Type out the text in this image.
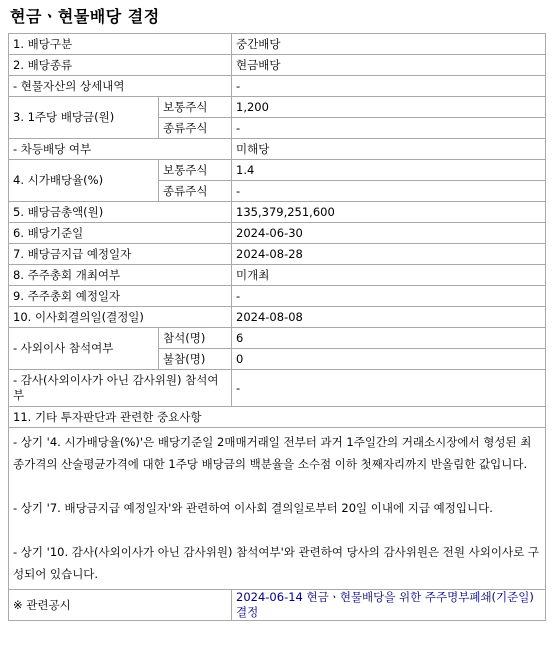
현금ㆍ현물배당 결정
1. 배당구분		중간배당
2. 배당종류		현금배당
- 현물자산의 상세내역		-
3. 1주당 배당금(원)	보통주식	1,200
	종류주식	-
- 차등배당 여부		미해당
4. 시가배당율(%)	보통주식	1.4
	종류주식	-
5. 배당금총액(원)		135,379,251,600
6. 배당기준일		2024-06-30
7. 배당금지급 예정일자		2024-08-28
8. 주주총회 개최여부		미개최
9. 주주총회 예정일자		-
10. 이사회결의일(결정일)		2024-08-08
- 사외이사 참석여부	참석(명)	6
	불참(명)	0
- 감사(사외이사가 아닌 감사위원) 참석여부		-
11. 기타 투자판단과 관련한 중요사항		

- 상기 '4. 시가배당율(%)'은 배당기준일 2매매거래일 전부터 과거 1주일간의 거래소시장에서 형성된 최종가격의 산술평균가격에 대한 1주당 배당금의 백분율을 소수점 이하 첫째자리까지 반올림한 값입니다.

- 상기 '7. 배당금지급 예정일자'와 관련하여 이사회 결의일로부터 20일 이내에 지급 예정입니다.

- 상기 '10. 감사(사외이사가 아닌 감사위원) 참석여부'와 관련하여 당사의 감사위원은 전원 사외이사로 구성되어 있습니다.		

※ 관련공시		2024-06-14 현금ㆍ현물배당을 위한 주주명부폐쇄(기준일) 결정
